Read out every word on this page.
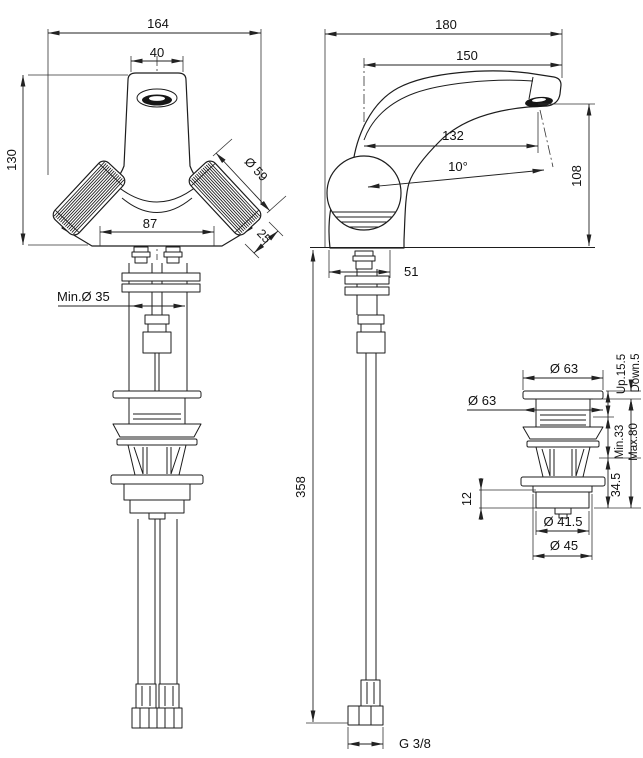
164
40
130	Ø 59
25
87
Min.Ø 35
180
150
132
10°	108
51
358
G 3/8
Ø 63
Ø 63
Up.15.5 Down.5
Min.33 Max.80
34.5
12
Ø 41.5
Ø 45
